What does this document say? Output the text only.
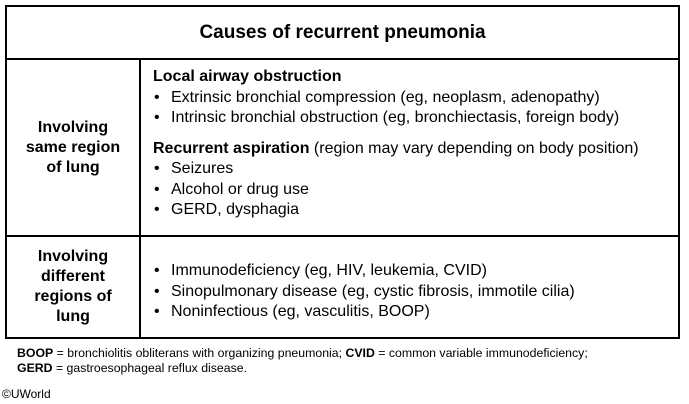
Causes of recurrent pneumonia
Involving same region of lung
Local airway obstruction
• Extrinsic bronchial compression (eg, neoplasm, adenopathy)
• Intrinsic bronchial obstruction (eg, bronchiectasis, foreign body)
Recurrent aspiration (region may vary depending on body position)
• Seizures
• Alcohol or drug use
• GERD, dysphagia
Involving different regions of lung
• Immunodeficiency (eg, HIV, leukemia, CVID)
• Sinopulmonary disease (eg, cystic fibrosis, immotile cilia)
• Noninfectious (eg, vasculitis, BOOP)
BOOP = bronchiolitis obliterans with organizing pneumonia; CVID = common variable immunodeficiency;
GERD = gastroesophageal reflux disease.
©UWorld
